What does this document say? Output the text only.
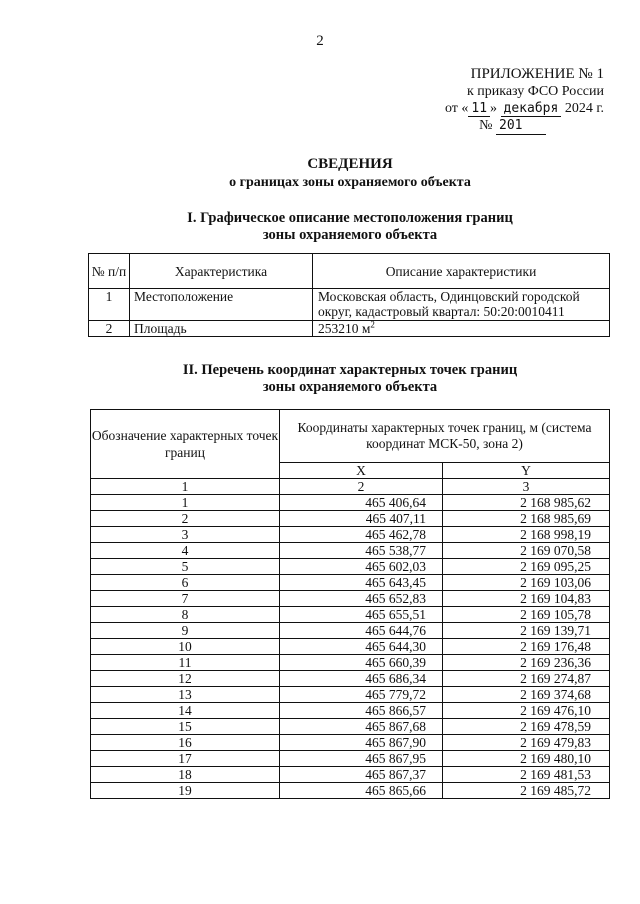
2
ПРИЛОЖЕНИЕ № 1
к приказу ФСО России
от « 11 » декабря 2024 г.
№ 201
СВЕДЕНИЯ
о границах зоны охраняемого объекта
I. Графическое описание местоположения границ
зоны охраняемого объекта
№ п/п	Характеристика	Описание характеристики
1	Местоположение	Московская область, Одинцовский городской округ, кадастровый квартал: 50:20:0010411
2	Площадь	253210 $м^2$
II. Перечень координат характерных точек границ
зоны охраняемого объекта
Обозначение характерных точек границ	Координаты характерных точек границ, м (система координат МСК-50, зона 2)	
	X	Y
1	2	3
1	465 406,64	2 168 985,62
2	465 407,11	2 168 985,69
3	465 462,78	2 168 998,19
4	465 538,77	2 169 070,58
5	465 602,03	2 169 095,25
6	465 643,45	2 169 103,06
7	465 652,83	2 169 104,83
8	465 655,51	2 169 105,78
9	465 644,76	2 169 139,71
10	465 644,30	2 169 176,48
11	465 660,39	2 169 236,36
12	465 686,34	2 169 274,87
13	465 779,72	2 169 374,68
14	465 866,57	2 169 476,10
15	465 867,68	2 169 478,59
16	465 867,90	2 169 479,83
17	465 867,95	2 169 480,10
18	465 867,37	2 169 481,53
19	465 865,66	2 169 485,72
